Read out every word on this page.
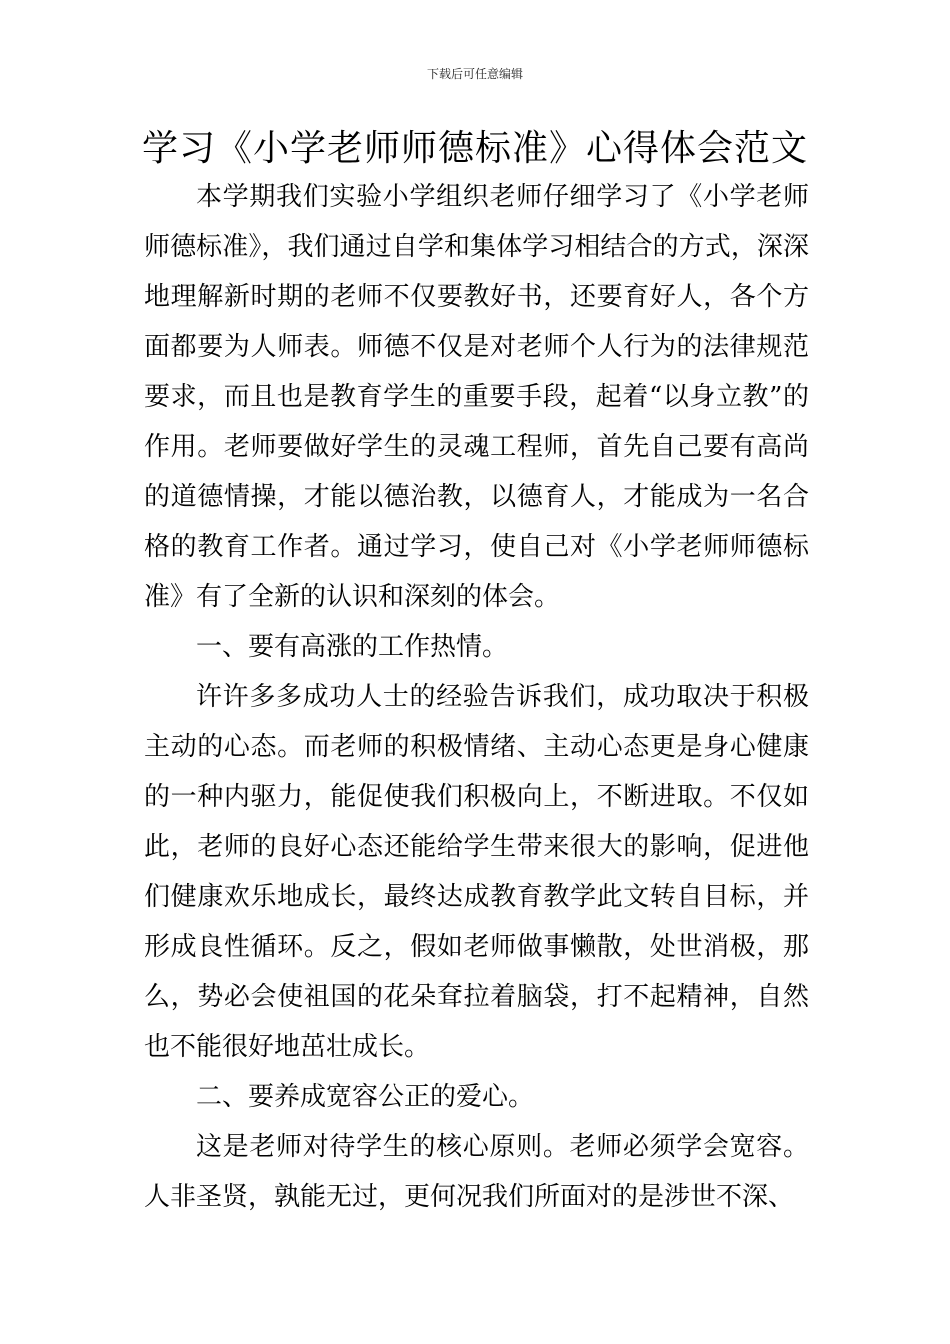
下载后可任意编辑
学习《小学老师师德标准》心得体会范文

本学期我们实验小学组织老师仔细学习了《小学老师师德标准》，我们通过自学和集体学习相结合的方式，深深地理解新时期的老师不仅要教好书，还要育好人，各个方面都要为人师表。师德不仅是对老师个人行为的法律规范要求，而且也是教育学生的重要手段，起着“以身立教”的作用。老师要做好学生的灵魂工程师，首先自己要有高尚的道德情操，才能以德治教，以德育人，才能成为一名合格的教育工作者。通过学习，使自己对《小学老师师德标准》有了全新的认识和深刻的体会。

一、要有高涨的工作热情。

许许多多成功人士的经验告诉我们，成功取决于积极主动的心态。而老师的积极情绪、主动心态更是身心健康的一种内驱力，能促使我们积极向上，不断进取。不仅如此，老师的良好心态还能给学生带来很大的影响，促进他们健康欢乐地成长，最终达成教育教学此文转自目标，并形成良性循环。反之，假如老师做事懒散，处世消极，那么，势必会使祖国的花朵耷拉着脑袋，打不起精神，自然也不能很好地茁壮成长。

二、要养成宽容公正的爱心。

这是老师对待学生的核心原则。老师必须学会宽容。人非圣贤，孰能无过，更何况我们所面对的是涉世不深、
